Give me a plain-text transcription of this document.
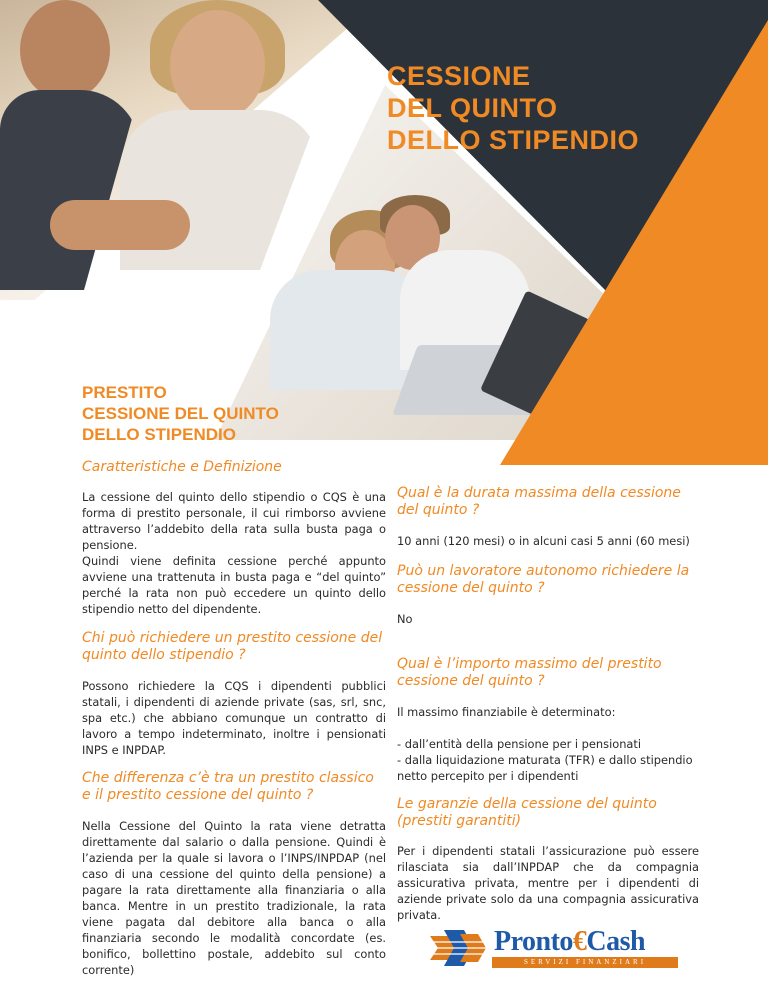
CESSIONE
DEL QUINTO
DELLO STIPENDIO
PRESTITO
CESSIONE DEL QUINTO
DELLO STIPENDIO
Caratteristiche e Definizione

La cessione del quinto dello stipendio o CQS è una forma di prestito personale, il cui rimborso avviene attraverso l’addebito della rata sulla busta paga o pensione.

Quindi viene definita cessione perché appunto avviene una trattenuta in busta paga e “del quinto” perché la rata non può eccedere un quinto dello stipendio netto del dipendente.

Chi può richiedere un prestito cessione del quinto dello stipendio ?

Possono richiedere la CQS i dipendenti pubblici statali, i dipendenti di aziende private (sas, srl, snc, spa etc.) che abbiano comunque un contratto di lavoro a tempo indeterminato, inoltre i pensionati INPS e INPDAP.

Che differenza c’è tra un prestito classico e il prestito cessione del quinto ?

Nella Cessione del Quinto la rata viene detratta direttamente dal salario o dalla pensione. Quindi è l’azienda per la quale si lavora o l’INPS/INPDAP (nel caso di una cessione del quinto della pensione) a pagare la rata direttamente alla finanziaria o alla banca. Mentre in un prestito tradizionale, la rata viene pagata dal debitore alla banca o alla finanziaria secondo le modalità concordate (es. bonifico, bollettino postale, addebito sul conto corrente)

Qual è la durata massima della cessione del quinto ?

10 anni (120 mesi) o in alcuni casi 5 anni (60 mesi)

Può un lavoratore autonomo richiedere la cessione del quinto ?

No

Qual è l’importo massimo del prestito cessione del quinto ?

Il massimo finanziabile è determinato:

- dall’entità della pensione per i pensionati

- dalla liquidazione maturata (TFR) e dallo stipendio netto percepito per i dipendenti

Le garanzie della cessione del quinto (prestiti garantiti)

Per i dipendenti statali l’assicurazione può essere rilasciata sia dall’INPDAP che da compagnia assicurativa privata, mentre per i dipendenti di aziende private solo da una compagnia assicurativa privata.

Pronto€Cash
SERVIZI FINANZIARI
